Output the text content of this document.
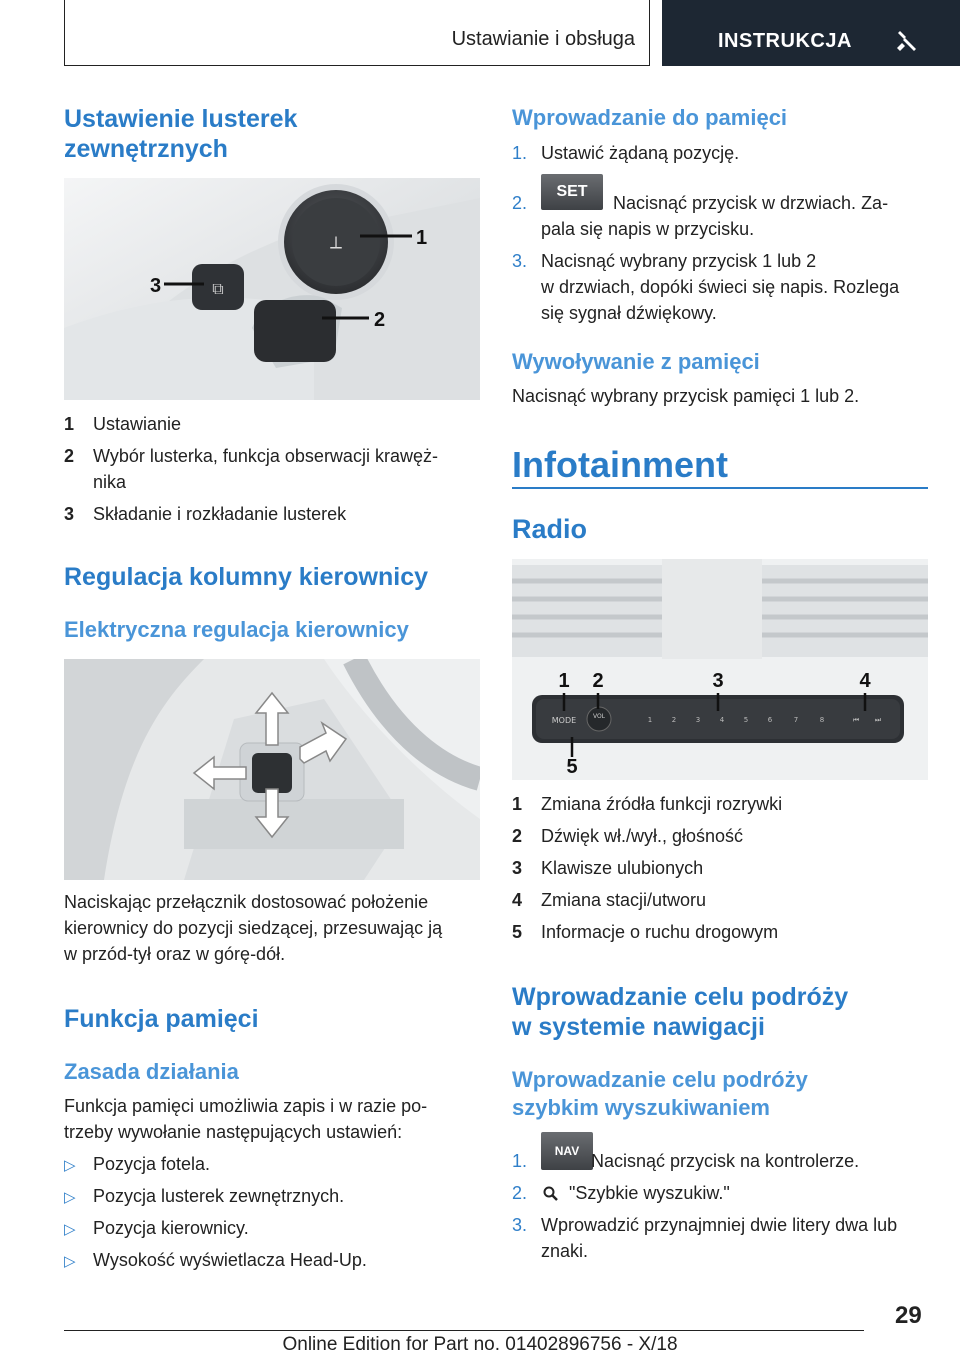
Ustawianie i obsługa	INSTRUKCJA
Ustawienie lusterek
zewnętrznych
⟂
⧉
1
2
3
1 Ustawianie
2 Wybór lusterka, funkcja obserwacji krawęż-
nika
3 Składanie i rozkładanie lusterek
Regulacja kolumny kierownicy
Elektryczna regulacja kierownicy
Naciskając przełącznik dostosować położenie
kierownicy do pozycji siedzącej, przesuwając ją
w przód-tył oraz w górę-dół.
Funkcja pamięci
Zasada działania
Funkcja pamięci umożliwia zapis i w razie po-
trzeby wywołanie następujących ustawień:
▷ Pozycja fotela.
▷ Pozycja lusterek zewnętrznych.
▷ Pozycja kierownicy.
▷ Wysokość wyświetlacza Head-Up.
Wprowadzanie do pamięci
1. Ustawić żądaną pozycję.
2.
SET
Nacisnąć przycisk w drzwiach. Za-
pala się napis w przycisku.
3. Nacisnąć wybrany przycisk 1 lub 2
w drzwiach, dopóki świeci się napis. Rozlega
się sygnał dźwiękowy.
Wywoływanie z pamięci
Nacisnąć wybrany przycisk pamięci 1 lub 2.
Infotainment
Radio
MODE	VOL	1	2	3	4	5	6	7	8	⏮ ⏭
1 2	3	4
5
1 Zmiana źródła funkcji rozrywki
2 Dźwięk wł./wył., głośność
3 Klawisze ulubionych
4 Zmiana stacji/utworu
5 Informacje o ruchu drogowym
Wprowadzanie celu podróży
w systemie nawigacji
Wprowadzanie celu podróży
szybkim wyszukiwaniem
1.	NAV Nacisnąć przycisk na kontrolerze.
2. "Szybkie wyszukiw."
3. Wprowadzić przynajmniej dwie litery dwa lub
znaki.
29
Online Edition for Part no. 01402896756 - X/18
